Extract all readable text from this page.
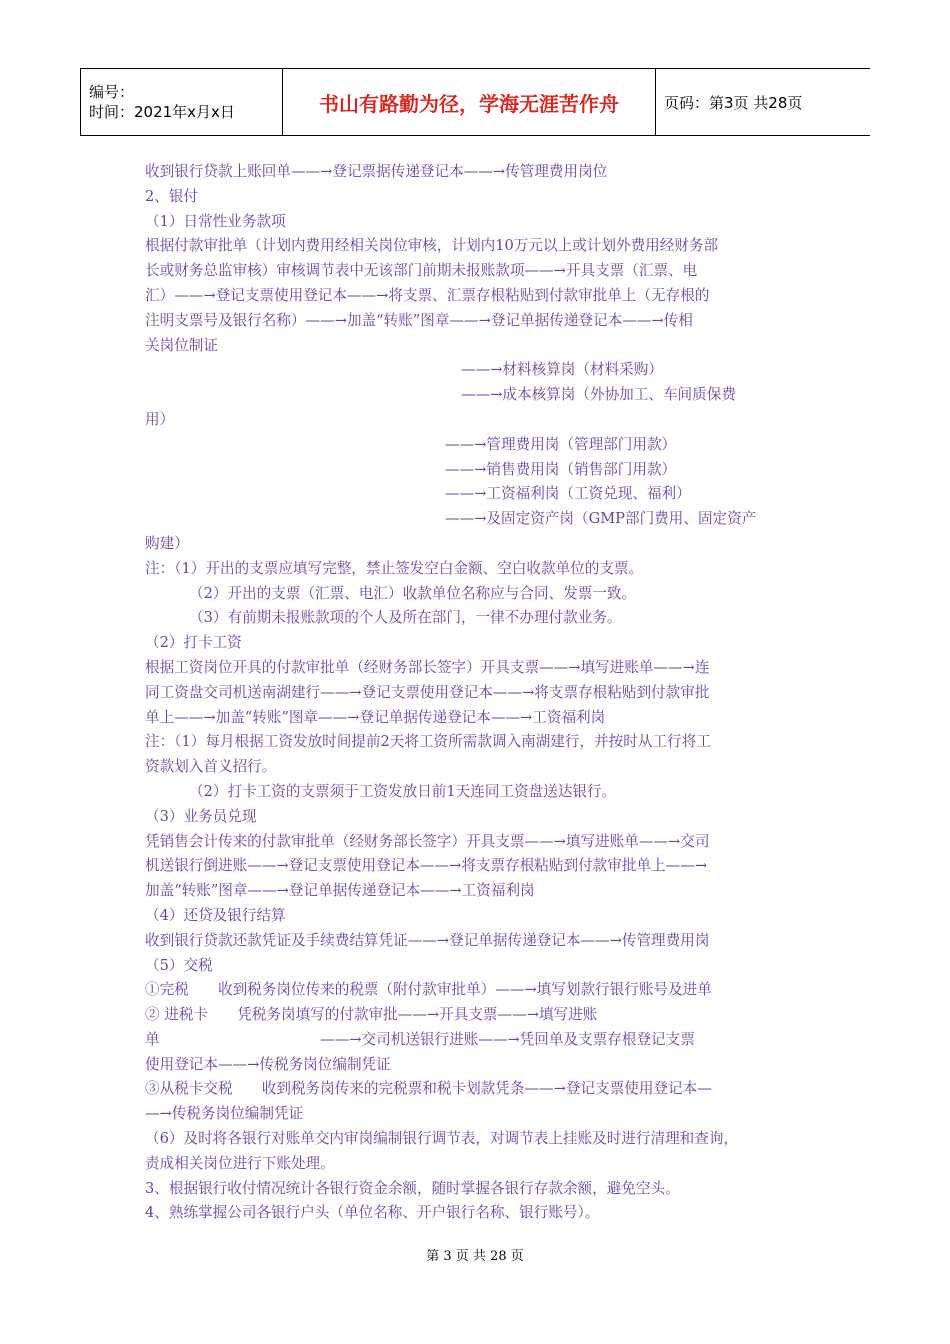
编号：
时间：2021年x月x日	书山有路勤为径，学海无涯苦作舟	页码：第3页 共28页
收到银行贷款上账回单——→登记票据传递登记本——→传管理费用岗位
2、银付
（1）日常性业务款项
根据付款审批单（计划内费用经相关岗位审核，计划内10万元以上或计划外费用经财务部
长或财务总监审核）审核调节表中无该部门前期未报账款项——→开具支票（汇票、电
汇）——→登记支票使用登记本——→将支票、汇票存根粘贴到付款审批单上（无存根的
注明支票号及银行名称）——→加盖“转账”图章——→登记单据传递登记本——→传相
关岗位制证
——→材料核算岗（材料采购）
——→成本核算岗（外协加工、车间质保费
用）
——→管理费用岗（管理部门用款）
——→销售费用岗（销售部门用款）
——→工资福利岗（工资兑现、福利）
——→及固定资产岗（GMP部门费用、固定资产
购建）
注：（1）开出的支票应填写完整，禁止签发空白金额、空白收款单位的支票。
（2）开出的支票（汇票、电汇）收款单位名称应与合同、发票一致。
（3）有前期未报账款项的个人及所在部门，一律不办理付款业务。
（2）打卡工资
根据工资岗位开具的付款审批单（经财务部长签字）开具支票——→填写进账单——→连
同工资盘交司机送南湖建行——→登记支票使用登记本——→将支票存根粘贴到付款审批
单上——→加盖“转账”图章——→登记单据传递登记本——→工资福利岗
注：（1）每月根据工资发放时间提前2天将工资所需款调入南湖建行，并按时从工行将工
资款划入首义招行。
（2）打卡工资的支票须于工资发放日前1天连同工资盘送达银行。
（3）业务员兑现
凭销售会计传来的付款审批单（经财务部长签字）开具支票——→填写进账单——→交司
机送银行倒进账——→登记支票使用登记本——→将支票存根粘贴到付款审批单上——→
加盖“转账”图章——→登记单据传递登记本——→工资福利岗
（4）还贷及银行结算
收到银行贷款还款凭证及手续费结算凭证——→登记单据传递登记本——→传管理费用岗
（5）交税
①完税　　收到税务岗位传来的税票（附付款审批单）——→填写划款行银行账号及进单
② 进税卡　　凭税务岗填写的付款审批——→开具支票——→填写进账
单　　　　　　　　　　　——→交司机送银行进账——→凭回单及支票存根登记支票
使用登记本——→传税务岗位编制凭证
③从税卡交税　　收到税务岗传来的完税票和税卡划款凭条——→登记支票使用登记本—
—→传税务岗位编制凭证
（6）及时将各银行对账单交内审岗编制银行调节表，对调节表上挂账及时进行清理和查询，
责成相关岗位进行下账处理。
3、根据银行收付情况统计各银行资金余额，随时掌握各银行存款余额，避免空头。
4、熟练掌握公司各银行户头（单位名称、开户银行名称、银行账号）。
第 3 页 共 28 页
